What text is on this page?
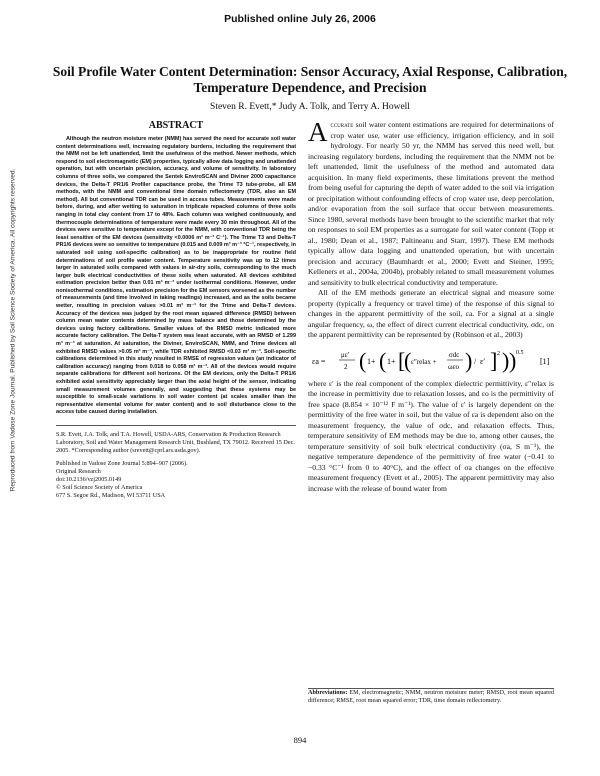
Published online July 26, 2006
Reproduced from Vadose Zone Journal. Published by Soil Science Society of America. All copyrights reserved.
Soil Profile Water Content Determination: Sensor Accuracy, Axial Response, Calibration, Temperature Dependence, and Precision
Steven R. Evett,* Judy A. Tolk, and Terry A. Howell
ABSTRACT

Although the neutron moisture meter (NMM) has served the need for accurate soil water content determinations well, increasing regulatory burdens, including the requirement that the NMM not be left unattended, limit the usefulness of the method. Newer methods, which respond to soil electromagnetic (EM) properties, typically allow data logging and unattended operation, but with uncertain precision, accuracy, and volume of sensitivity. In laboratory columns of three soils, we compared the Sentek EnviroSCAN and Diviner 2000 capacitance devices, the Delta-T PR1/6 Profiler capacitance probe, the Trime T3 tube-probe, all EM methods, with the NMM and conventional time domain reflectometry (TDR, also an EM method). All but conventional TDR can be used in access tubes. Measurements were made before, during, and after wetting to saturation in triplicate repacked columns of three soils ranging in total clay content from 17 to 48%. Each column was weighed continuously, and thermocouple determinations of temperature were made every 30 min throughout. All of the devices were sensitive to temperature except for the NMM, with conventional TDR being the least sensitive of the EM devices (sensitivity <0.0006 m³ m⁻³ C⁻¹). The Trime T3 and Delta-T PR1/6 devices were so sensitive to temperature (0.015 and 0.009 m³ m⁻³ °C⁻¹, respectively, in saturated soil using soil-specific calibration) as to be inappropriate for routine field determinations of soil profile water content. Temperature sensitivity was up to 12 times larger in saturated soils compared with values in air-dry soils, corresponding to the much larger bulk electrical conductivities of these soils when saturated. All devices exhibited estimation precision better than 0.01 m³ m⁻³ under isothermal conditions. However, under nonisothermal conditions, estimation precision for the EM sensors worsened as the number of measurements (and time involved in taking readings) increased, and as the soils became wetter, resulting in precision values >0.01 m³ m⁻³ for the Trime and Delta-T devices. Accuracy of the devices was judged by the root mean squared difference (RMSD) between column mean water contents determined by mass balance and those determined by the devices using factory calibrations. Smaller values of the RMSD metric indicated more accurate factory calibration. The Delta-T system was least accurate, with an RMSD of 1.299 m³ m⁻³ at saturation. At saturation, the Diviner, EnviroSCAN, NMM, and Trime devices all exhibited RMSD values >0.05 m³ m⁻³, while TDR exhibited RMSD <0.03 m³ m⁻³. Soil-specific calibrations determined in this study resulted in RMSE of regression values (an indicator of calibration accuracy) ranging from 0.018 to 0.058 m³ m⁻³. All of the devices would require separate calibrations for different soil horizons. Of the EM devices, only the Delta-T PR1/6 exhibited axial sensitivity appreciably larger than the axial height of the sensor, indicating small measurement volumes generally, and suggesting that these systems may be susceptible to small-scale variations in soil water content (at scales smaller than the representative elemental volume for water content) and to soil disturbance close to the access tube caused during installation.

S.R. Evett, J.A. Tolk, and T.A. Howell, USDA-ARS, Conservation & Production Research Laboratory, Soil and Water Management Research Unit, Bushland, TX 79012. Received 15 Dec. 2005. *Corresponding author (srevett@cprl.ars.usda.gov).

Published in Vadose Zone Journal 5:894–907 (2006).

Original Research

doi:10.2136/vzj2005.0149

© Soil Science Society of America

677 S. Segoe Rd., Madison, WI 53711 USA

Accurate soil water content estimations are required for determinations of crop water use, water use efficiency, irrigation efficiency, and in soil hydrology. For nearly 50 yr, the NMM has served this need well, but increasing regulatory burdens, including the requirement that the NMM not be left unattended, limit the usefulness of the method and automated data acquisition. In many field experiments, these limitations prevent the method from being useful for capturing the depth of water added to the soil via irrigation or precipitation without confounding effects of crop water use, deep percolation, and/or evaporation from the soil surface that occur between measurements. Since 1980, several methods have been brought to the scientific market that rely on responses to soil EM properties as a surrogate for soil water content (Topp et al., 1980; Dean et al., 1987; Paltineanu and Starr, 1997). These EM methods typically allow data logging and unattended operation, but with uncertain precision and accuracy (Baumhardt et al., 2000; Evett and Steiner, 1995; Kelleners et al., 2004a, 2004b), probably related to small measurement volumes and sensitivity to bulk electrical conductivity and temperature.

All of the EM methods generate an electrical signal and measure some property (typically a frequency or travel time) of the response of this signal to changes in the apparent permittivity of the soil, εa. For a signal at a single angular frequency, ω, the effect of direct current electrical conductivity, σdc, on the apparent permittivity can be represented by (Robinson et al., 2003)

εa =
με′
2 ( 1+ ( 1+ [
( ε″relax +
σdc
ωεo ) / ε′ ] 2 ) ) 0.5
[1]

where ε′ is the real component of the complex dielectric permittivity, ε″relax is the increase in permittivity due to relaxation losses, and εo is the permittivity of free space (8.854 × 10⁻¹² F m⁻¹). The value of ε′ is largely dependent on the permittivity of the free water in soil, but the value of εa is dependent also on the measurement frequency, the value of σdc, and relaxation effects. Thus, temperature sensitivity of EM methods may be due to, among other causes, the temperature sensitivity of soil bulk electrical conductivity (σa, S m⁻¹), the negative temperature dependence of the permittivity of free water (−0.41 to −0.33 °C⁻¹ from 0 to 40°C), and the effect of σa changes on the effective measurement frequency (Evett et al., 2005). The apparent permittivity may also increase with the release of bound water from

Abbreviations: EM, electromagnetic; NMM, neutron moisture meter; RMSD, root mean squared difference; RMSE, root mean squared error; TDR, time domain reflectometry.
894
